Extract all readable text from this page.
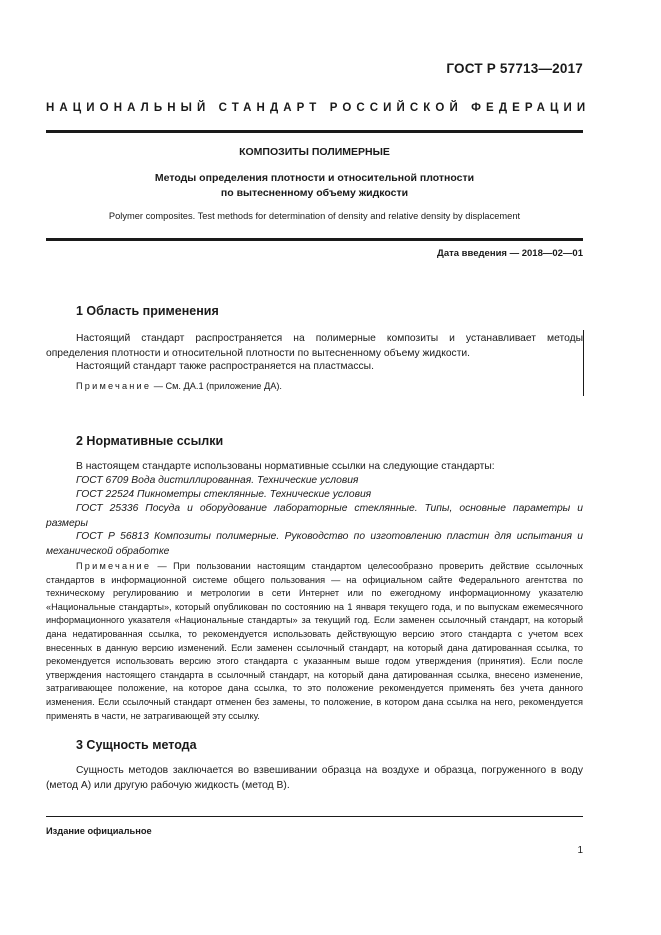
ГОСТ Р 57713—2017
НАЦИОНАЛЬНЫЙ СТАНДАРТ РОССИЙСКОЙ ФЕДЕРАЦИИ
КОМПОЗИТЫ ПОЛИМЕРНЫЕ
Методы определения плотности и относительной плотности
по вытесненному объему жидкости
Polymer composites. Test methods for determination of density and relative density by displacement
Дата введения — 2018—02—01
1 Область применения
Настоящий стандарт распространяется на полимерные композиты и устанавливает методы определения плотности и относительной плотности по вытесненному объему жидкости.
Настоящий стандарт также распространяется на пластмассы.
Примечание — См. ДА.1 (приложение ДА).
2 Нормативные ссылки
В настоящем стандарте использованы нормативные ссылки на следующие стандарты:
ГОСТ 6709 Вода дистиллированная. Технические условия
ГОСТ 22524 Пикнометры стеклянные. Технические условия
ГОСТ 25336 Посуда и оборудование лабораторные стеклянные. Типы, основные параметры и размеры
ГОСТ Р 56813 Композиты полимерные. Руководство по изготовлению пластин для испытания и механической обработке
Примечание — При пользовании настоящим стандартом целесообразно проверить действие ссылочных стандартов в информационной системе общего пользования — на официальном сайте Федерального агентства по техническому регулированию и метрологии в сети Интернет или по ежегодному информационному указателю «Национальные стандарты», который опубликован по состоянию на 1 января текущего года, и по выпускам ежемесячного информационного указателя «Национальные стандарты» за текущий год. Если заменен ссылочный стандарт, на который дана недатированная ссылка, то рекомендуется использовать действующую версию этого стандарта с учетом всех внесенных в данную версию изменений. Если заменен ссылочный стандарт, на который дана датированная ссылка, то рекомендуется использовать версию этого стандарта с указанным выше годом утверждения (принятия). Если после утверждения настоящего стандарта в ссылочный стандарт, на который дана датированная ссылка, внесено изменение, затрагивающее положение, на которое дана ссылка, то это положение рекомендуется применять без учета данного изменения. Если ссылочный стандарт отменен без замены, то положение, в котором дана ссылка на него, рекомендуется применять в части, не затрагивающей эту ссылку.
3 Сущность метода
Сущность методов заключается во взвешивании образца на воздухе и образца, погруженного в воду (метод А) или другую рабочую жидкость (метод В).
Издание официальное
1
